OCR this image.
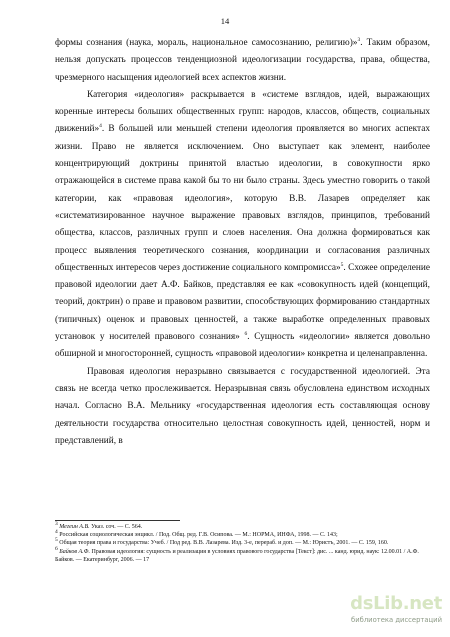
14

формы сознания (наука, мораль, национальное самосознанию, религию)»$^3$. Таким образом, нельзя допускать процессов тенденциозной идеологизации государства, права, общества, чрезмерного насыщения идеологией всех аспектов жизни.

Категория «идеология» раскрывается в «системе взглядов, идей, выражающих коренные интересы больших общественных групп: народов, классов, обществ, социальных движений»$^4$. В большей или меньшей степени идеология проявляется во многих аспектах жизни. Право не является исключением. Оно выступает как элемент, наиболее концентрирующий доктрины принятой властью идеологии, в совокупности ярко отражающейся в системе права какой бы то ни было страны. Здесь уместно говорить о такой категории, как «правовая идеология», которую В.В. Лазарев определяет как «систематизированное научное выражение правовых взглядов, принципов, требований общества, классов, различных групп и слоев населения. Она должна формироваться как процесс выявления теоретического сознания, координации и согласования различных общественных интересов через достижение социального компромисса»$^5$. Схожее определение правовой идеологии дает А.Ф. Байков, представляя ее как «совокупность идей (концепций, теорий, доктрин) о праве и правовом развитии, способствующих формированию стандартных (типичных) оценок и правовых ценностей, а также выработке определенных правовых установок у носителей правового сознания» $^6$. Сущность «идеологии» является довольно обширной и многосторонней, сущность «правовой идеологии» конкретна и целенаправленна.

Правовая идеология неразрывно связывается с государственной идеологией. Эта связь не всегда четко прослеживается. Неразрывная связь обусловлена единством исходных начал. Согласно В.А. Мельнику «государственная идеология есть составляющая основу деятельности государства относительно целостная совокупность идей, ценностей, норм и представлений, в

$^3$ Мегеин А.В. Указ. соч. — С. 564.
$^4$ Российская социологическая энцикл. / Под. Общ. ред. Г.В. Осипова. — М.: НОРМА, ИНФА, 1998. — С. 143;
$^5$ Общая теория права и государства: Учеб. / Под ред. В.В. Лазарева. Изд. 3-е, перераб. и доп. — М.: Юристъ, 2001. — С. 159, 160.
$^6$ Байков А.Ф. Правовая идеология: сущность и реализация в условиях правового государства [Текст]: дис. ... канд. юрид. наук: 12.00.01 / А.Ф. Байков. — Екатеринбург, 2006. — 17
dsLib.net
библиотека диссертаций
